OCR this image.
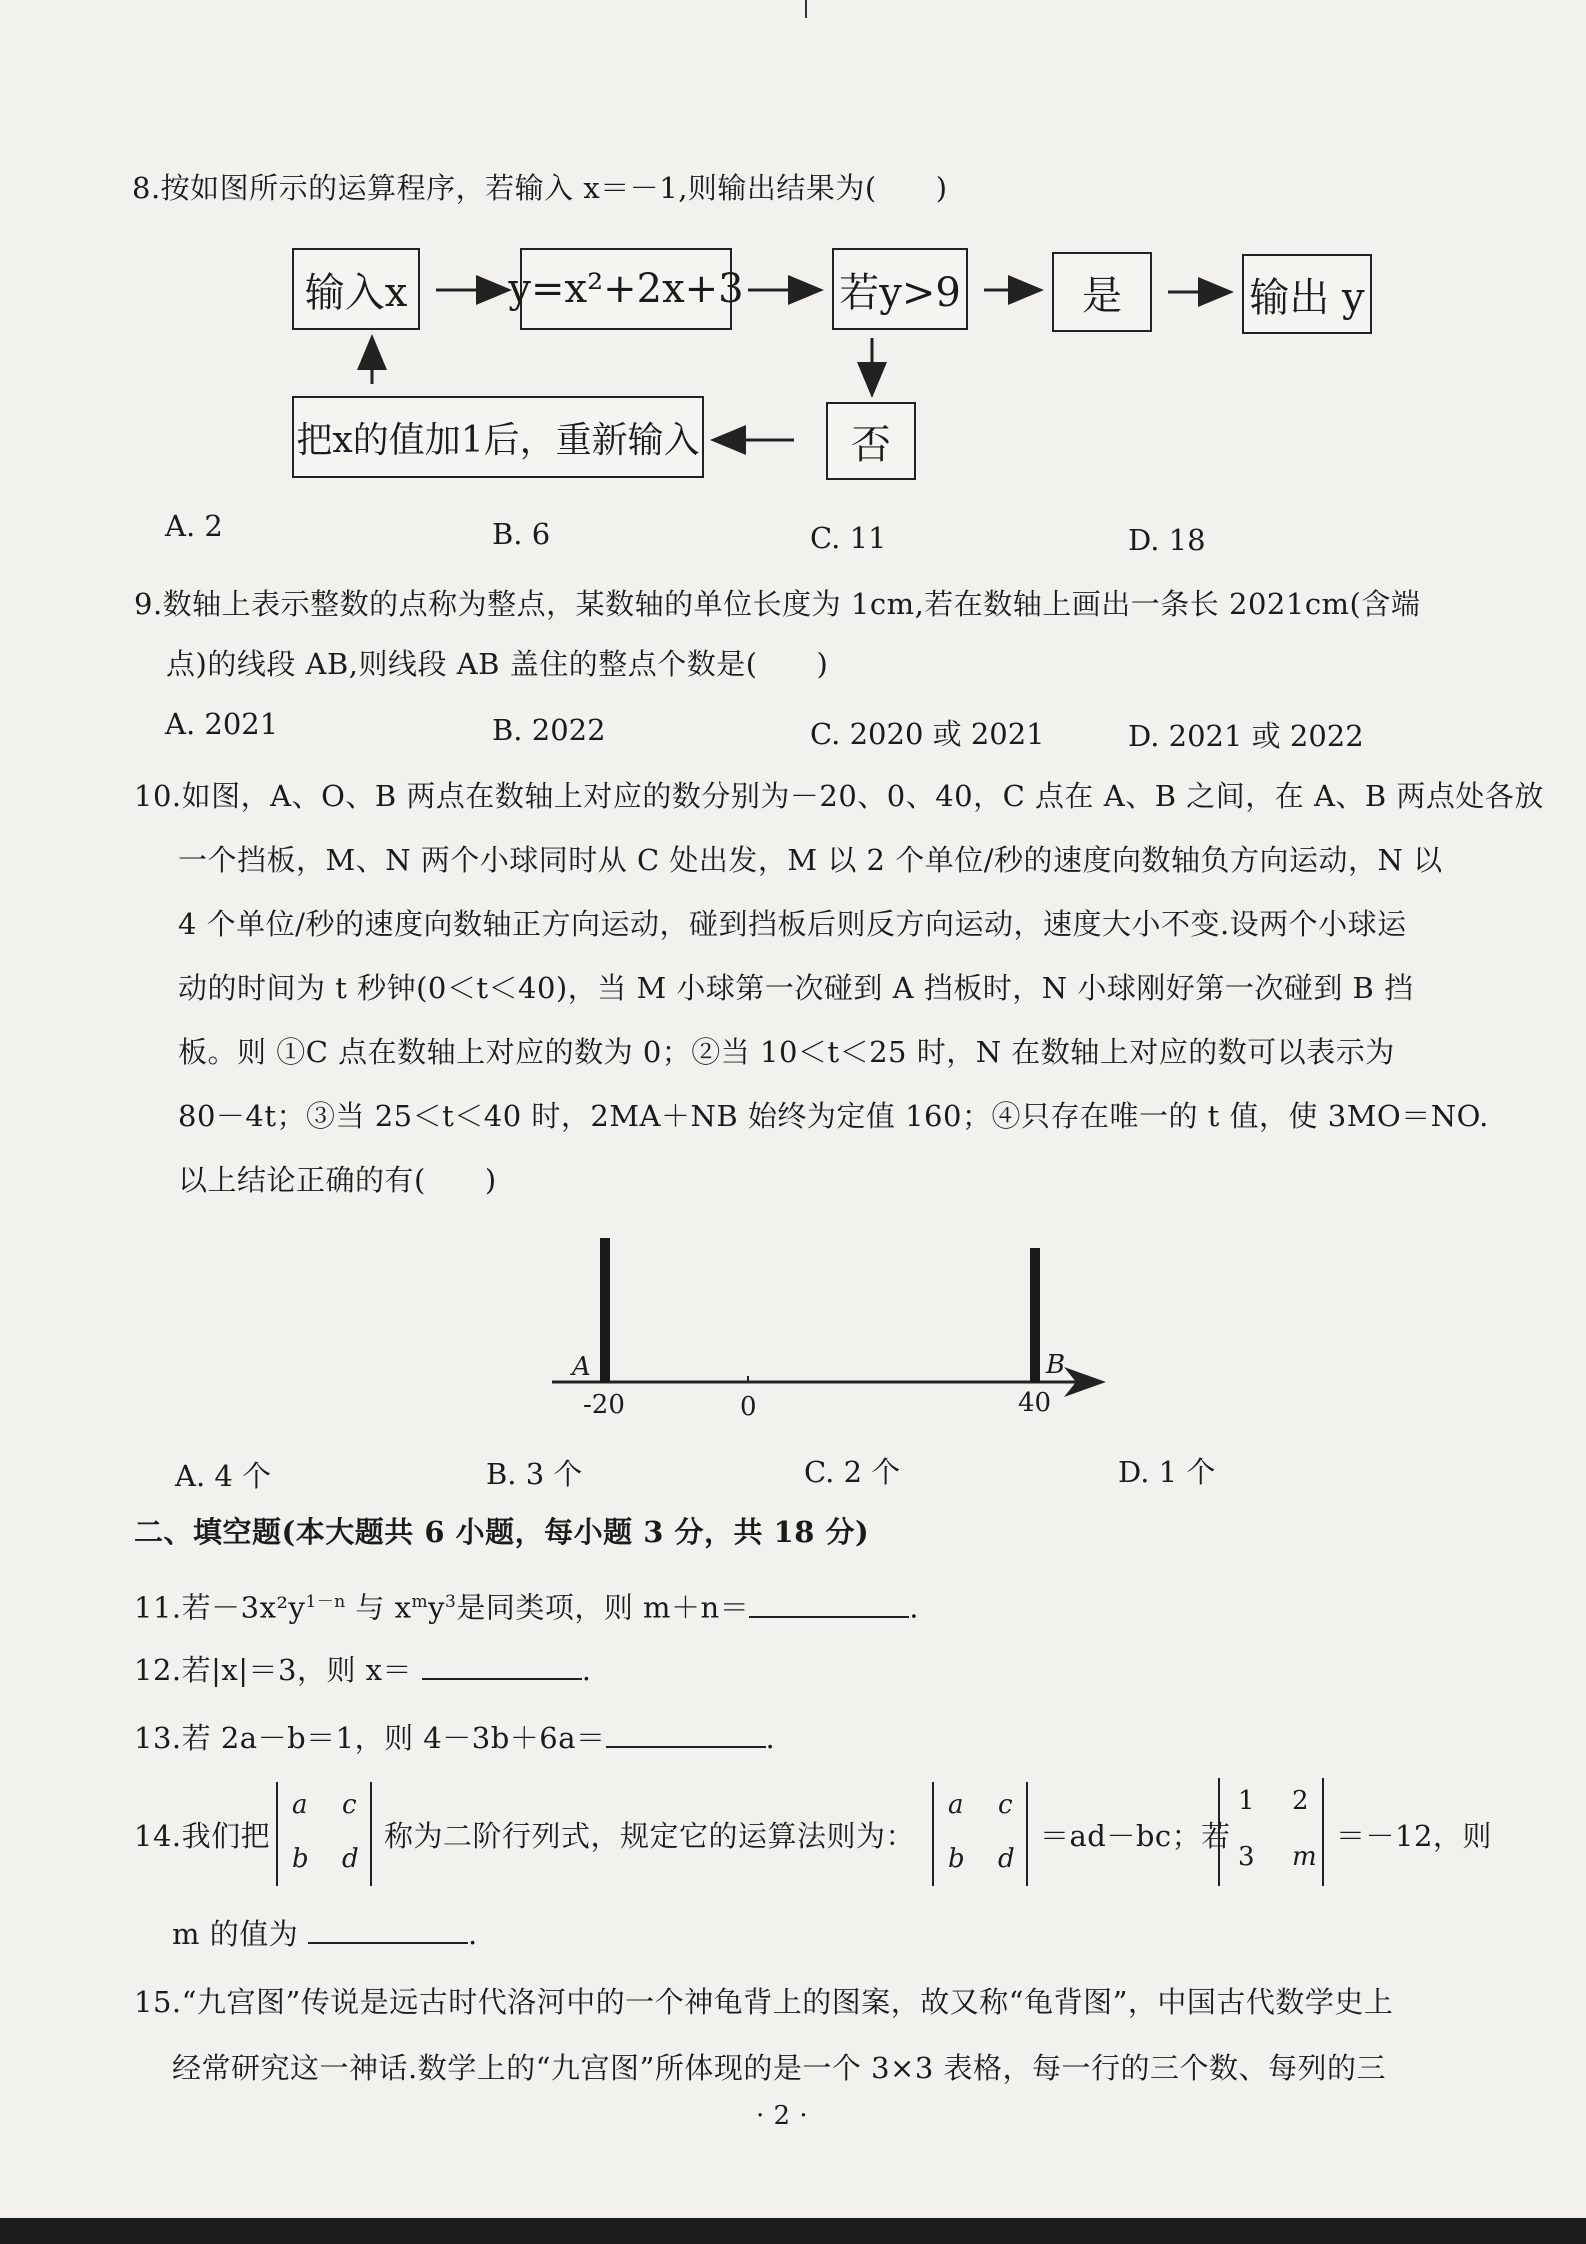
8.按如图所示的运算程序，若输入 x＝－1,则输出结果为(　　)
输入x	y=x²+2x+3 若y>9	是	输出 y
否
把x的值加1后，重新输入
A. 2	B. 6	C. 11	D. 18
9.数轴上表示整数的点称为整点，某数轴的单位长度为 1cm,若在数轴上画出一条长 2021cm(含端
点)的线段 AB,则线段 AB 盖住的整点个数是(　　)
A. 2021	B. 2022	C. 2020 或 2021	D. 2021 或 2022
10.如图，A、O、B 两点在数轴上对应的数分别为－20、0、40，C 点在 A、B 之间，在 A、B 两点处各放
一个挡板，M、N 两个小球同时从 C 处出发，M 以 2 个单位/秒的速度向数轴负方向运动，N 以
4 个单位/秒的速度向数轴正方向运动，碰到挡板后则反方向运动，速度大小不变.设两个小球运
动的时间为 t 秒钟(0＜t＜40)，当 M 小球第一次碰到 A 挡板时，N 小球刚好第一次碰到 B 挡
板。则 ①C 点在数轴上对应的数为 0；②当 10＜t＜25 时，N 在数轴上对应的数可以表示为
80－4t；③当 25＜t＜40 时，2MA＋NB 始终为定值 160；④只存在唯一的 t 值，使 3MO＝NO.
以上结论正确的有(　　)
A	B
-20	0	40
A. 4 个	B. 3 个	C. 2 个	D. 1 个
二、填空题(本大题共 6 小题，每小题 3 分，共 18 分)
11.若$-3x^2y^{1-n}$ 与 $x^my^3$是同类项，则 m＋n＝	.
12.若|x|＝3，则 x＝	.
13.若 2a－b＝1，则 4－3b＋6a＝	.
14.我们把
a c
b d
称为二阶行列式，规定它的运算法则为：
a c
b d
＝ad－bc；若
1 2
3 m
＝－12，则
m 的值为	.
15.“九宫图”传说是远古时代洛河中的一个神龟背上的图案，故又称“龟背图”，中国古代数学史上
经常研究这一神话.数学上的“九宫图”所体现的是一个 3×3 表格，每一行的三个数、每列的三
· 2 ·
